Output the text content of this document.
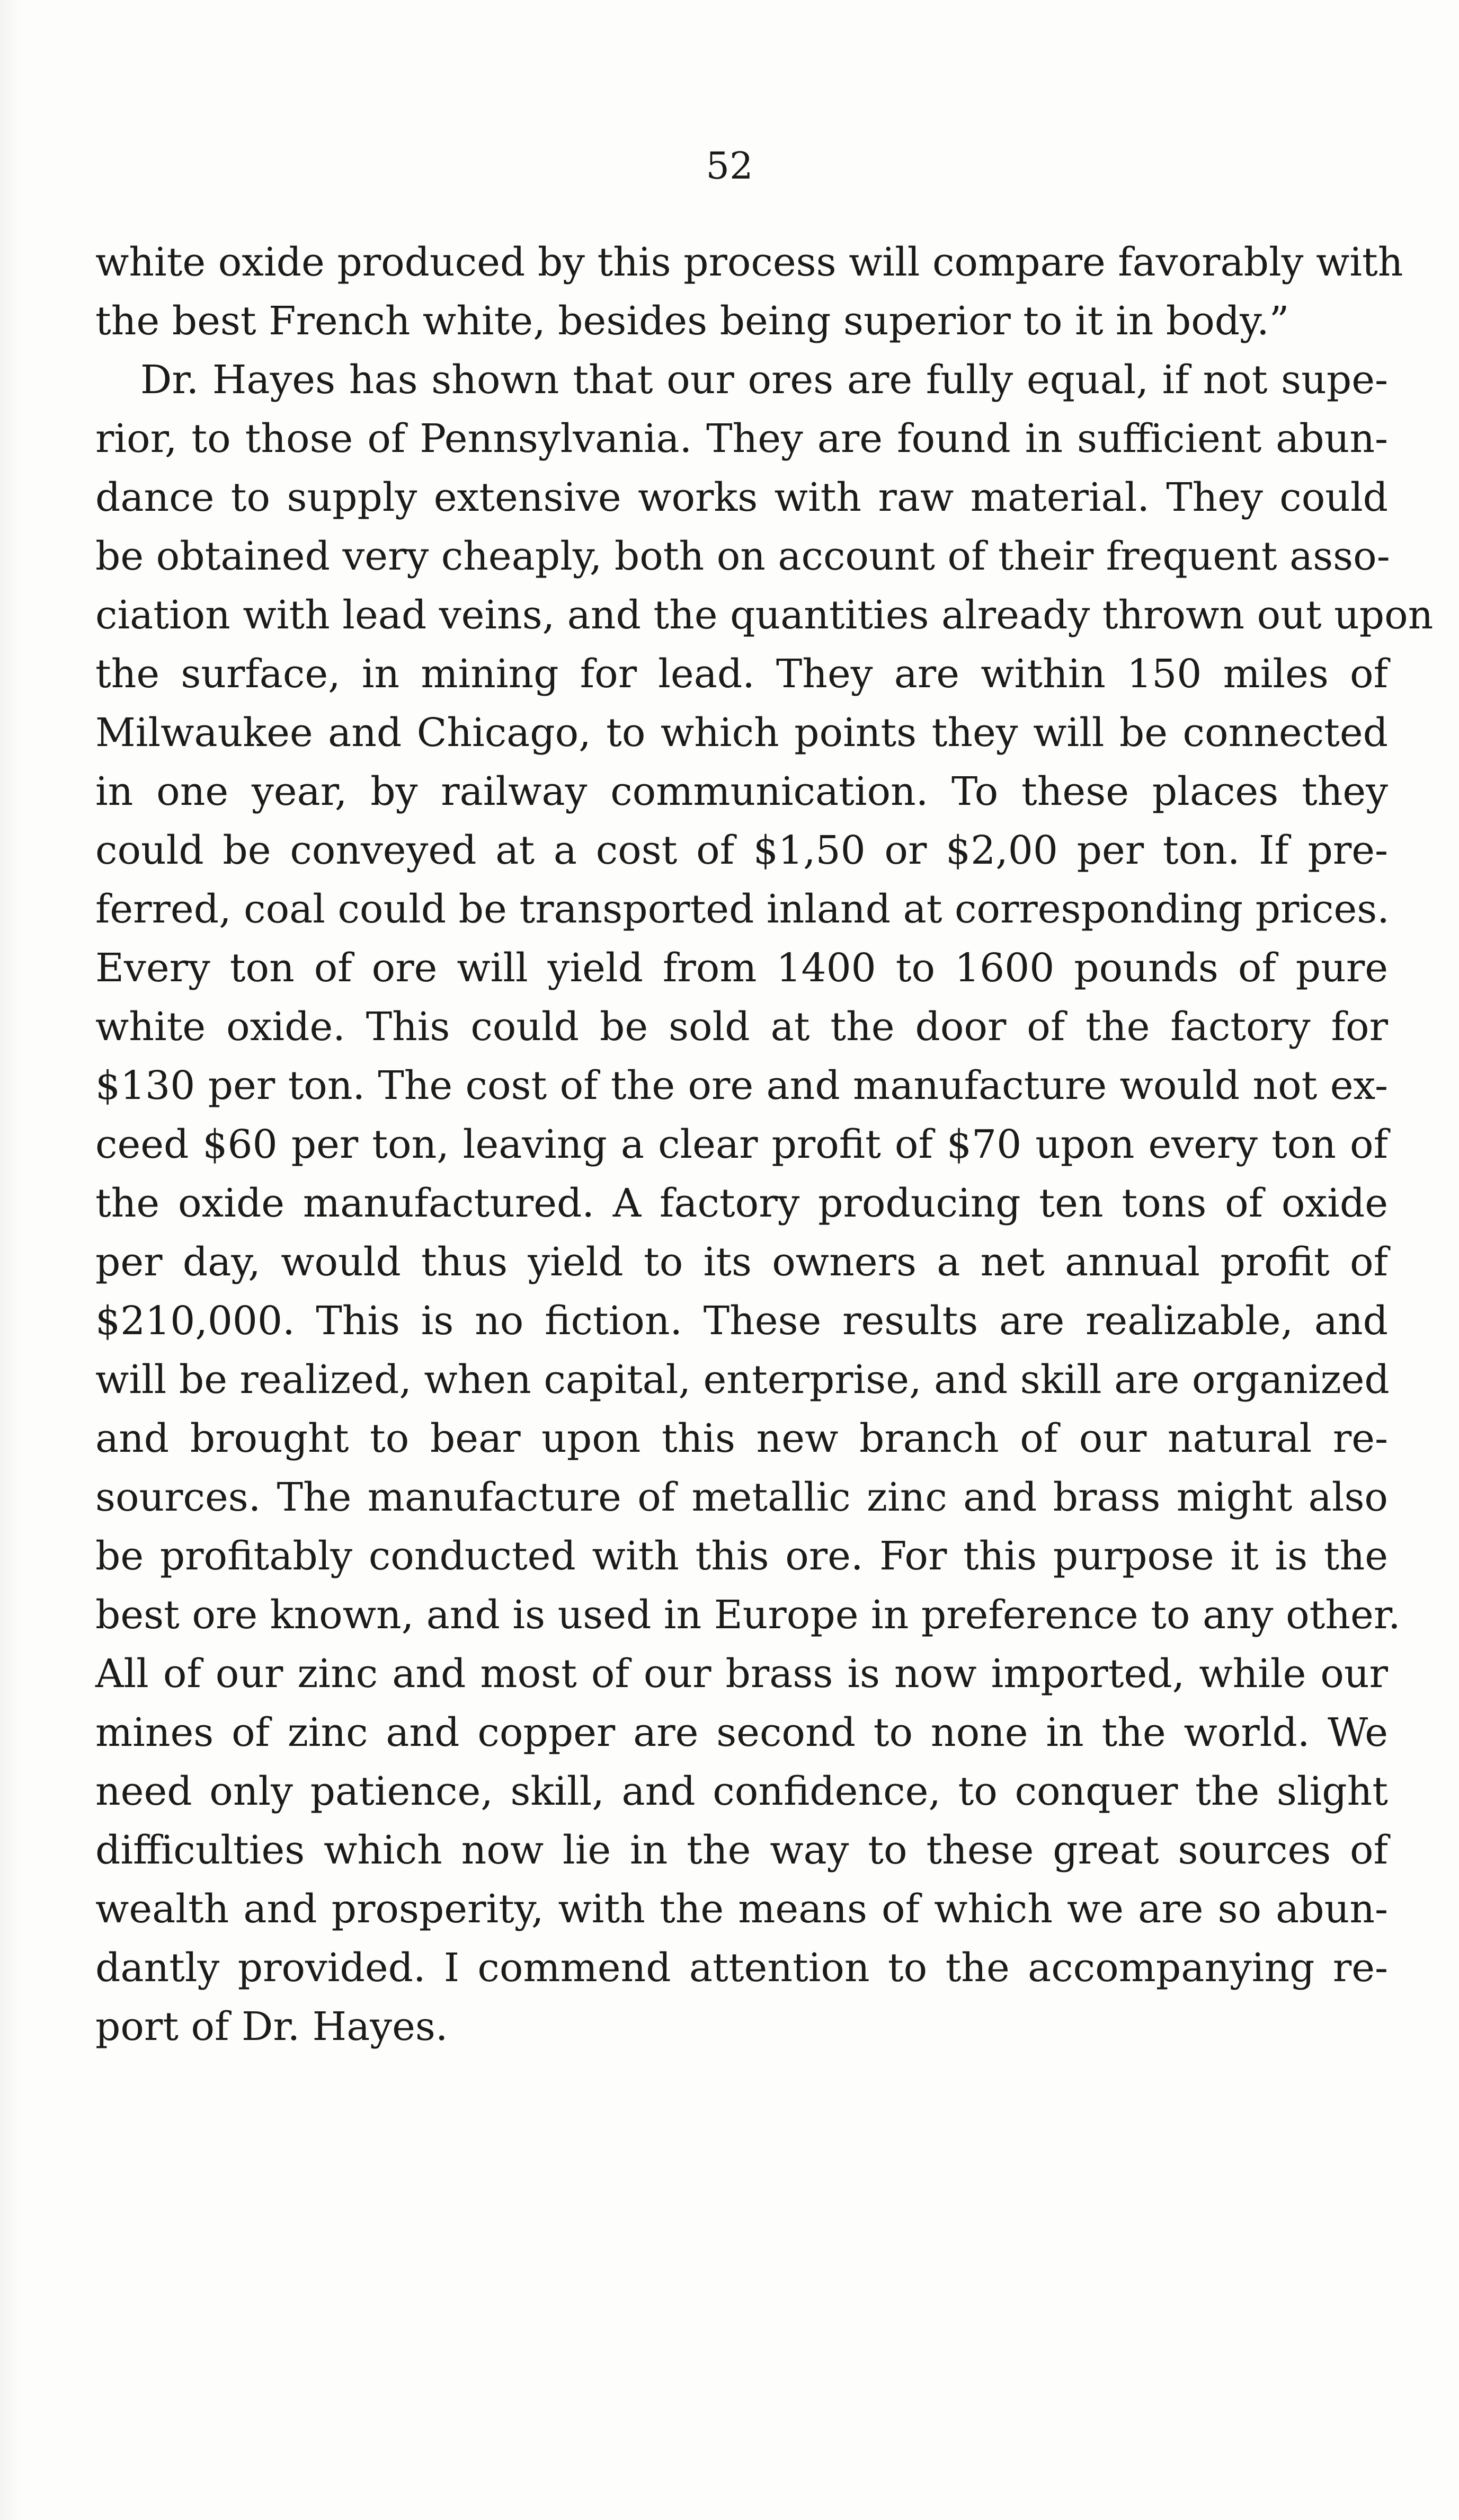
52
white oxide produced by this process will compare favorably with
the best French white, besides being superior to it in body.”
Dr. Hayes has shown that our ores are fully equal, if not supe-
rior, to those of Pennsylvania. They are found in sufficient abun-
dance to supply extensive works with raw material. They could
be obtained very cheaply, both on account of their frequent asso-
ciation with lead veins, and the quantities already thrown out upon
the surface, in mining for lead. They are within 150 miles of
Milwaukee and Chicago, to which points they will be connected
in one year, by railway communication. To these places they
could be conveyed at a cost of $1,50 or $2,00 per ton. If pre-
ferred, coal could be transported inland at corresponding prices.
Every ton of ore will yield from 1400 to 1600 pounds of pure
white oxide. This could be sold at the door of the factory for
$130 per ton. The cost of the ore and manufacture would not ex-
ceed $60 per ton, leaving a clear profit of $70 upon every ton of
the oxide manufactured. A factory producing ten tons of oxide
per day, would thus yield to its owners a net annual profit of
$210,000. This is no fiction. These results are realizable, and
will be realized, when capital, enterprise, and skill are organized
and brought to bear upon this new branch of our natural re-
sources. The manufacture of metallic zinc and brass might also
be profitably conducted with this ore. For this purpose it is the
best ore known, and is used in Europe in preference to any other.
All of our zinc and most of our brass is now imported, while our
mines of zinc and copper are second to none in the world. We
need only patience, skill, and confidence, to conquer the slight
difficulties which now lie in the way to these great sources of
wealth and prosperity, with the means of which we are so abun-
dantly provided. I commend attention to the accompanying re-
port of Dr. Hayes.
